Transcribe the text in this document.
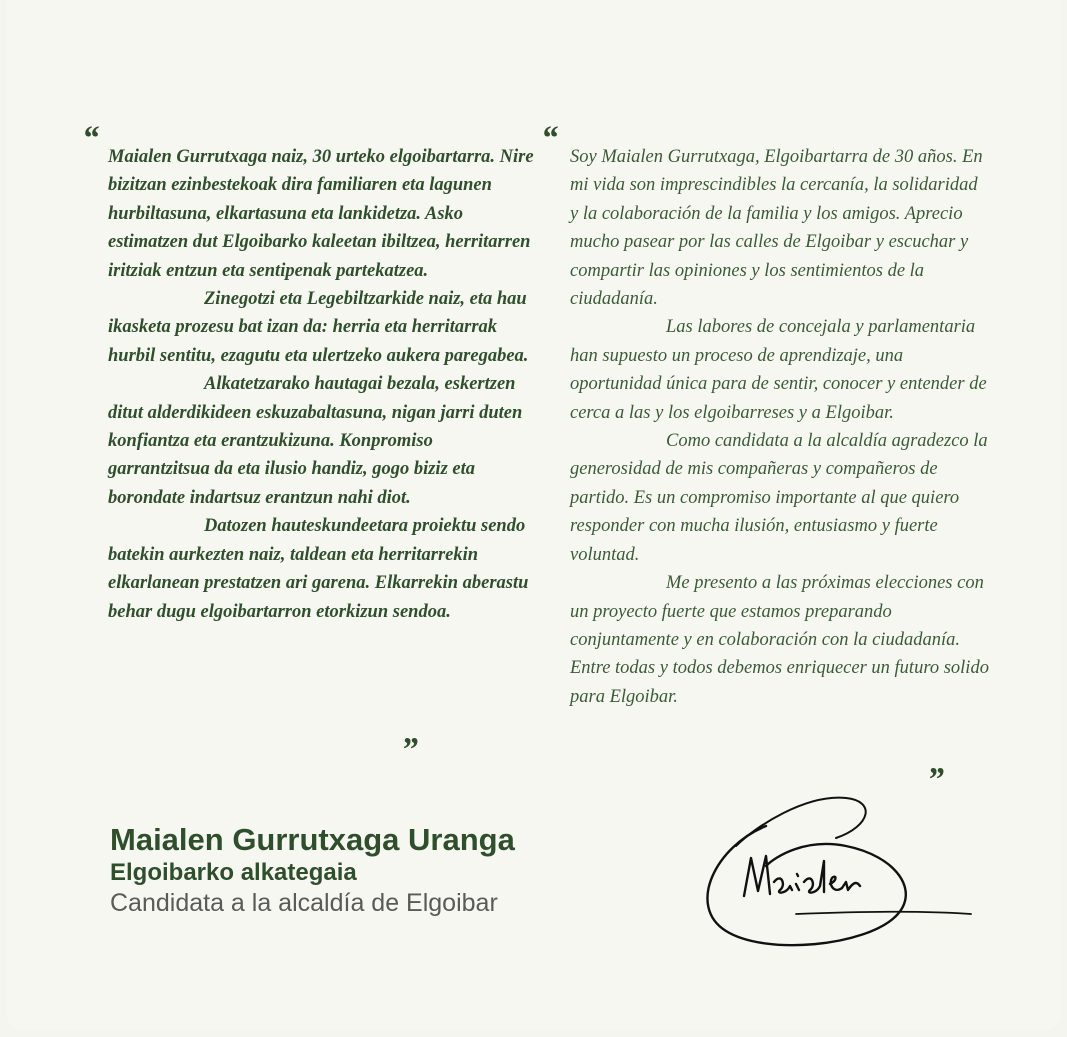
“ Maialen Gurrutxaga naiz, 30 urteko elgoibartarra. Nire bizitzan ezinbestekoak dira familiaren eta lagunen hurbiltasuna, elkartasuna eta lankidetza. Asko estimatzen dut Elgoibarko kaleetan ibiltzea, herritarren iritziak entzun eta sentipenak partekatzea.

Zinegotzi eta Legebiltzarkide naiz, eta hau ikasketa prozesu bat izan da: herria eta herritarrak hurbil sentitu, ezagutu eta ulertzeko aukera paregabea.

Alkatetzarako hautagai bezala, eskertzen ditut alderdikideen eskuzabaltasuna, nigan jarri duten konfiantza eta erantzukizuna. Konpromiso garrantzitsua da eta ilusio handiz, gogo biziz eta borondate indartsuz erantzun nahi diot.

Datozen hauteskundeetara proiektu sendo batekin aurkezten naiz, taldean eta herritarrekin elkarlanean prestatzen ari garena. Elkarrekin aberastu behar dugu elgoibartarron etorkizun sendoa.

„
“ Soy Maialen Gurrutxaga, Elgoibartarra de 30 años. En mi vida son imprescindibles la cercanía, la solidaridad y la colaboración de la familia y los amigos. Aprecio mucho pasear por las calles de Elgoibar y escuchar y compartir las opiniones y los sentimientos de la ciudadanía.

Las labores de concejala y parlamentaria han supuesto un proceso de aprendizaje, una oportunidad única para de sentir, conocer y entender de cerca a las y los elgoibarreses y a Elgoibar.

Como candidata a la alcaldía agradezco la generosidad de mis compañeras y compañeros de partido. Es un compromiso importante al que quiero responder con mucha ilusión, entusiasmo y fuerte voluntad.

Me presento a las próximas elecciones con un proyecto fuerte que estamos preparando conjuntamente y en colaboración con la ciudadanía. Entre todas y todos debemos enriquecer un futuro solido para Elgoibar.

„
Maialen Gurrutxaga Uranga
Elgoibarko alkategaia
Candidata a la alcaldía de Elgoibar
